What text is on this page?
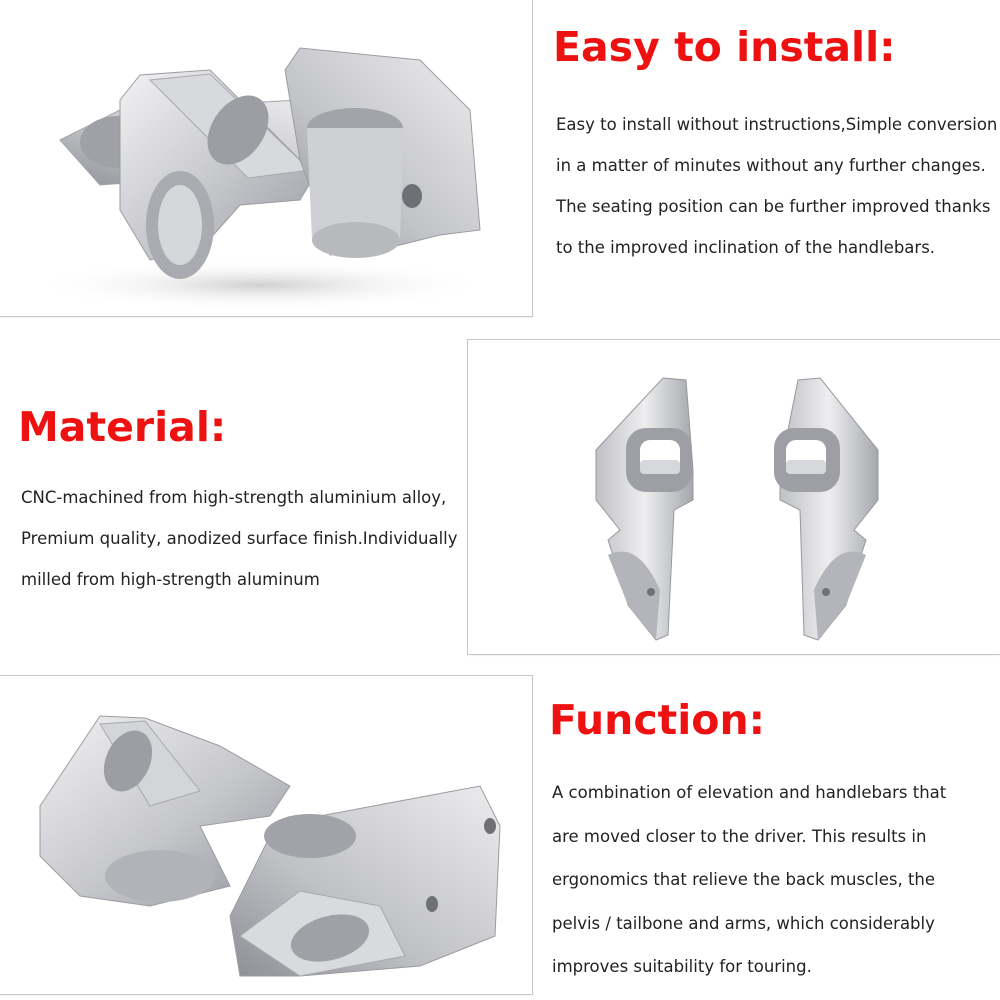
Easy to install:

Easy to install without instructions,Simple conversion
in a matter of minutes without any further changes.
The seating position can be further improved thanks
to the improved inclination of the handlebars.

Material:

CNC-machined from high-strength aluminium alloy,
Premium quality, anodized surface finish.Individually
milled from high-strength aluminum

Function:

A combination of elevation and handlebars that
are moved closer to the driver. This results in
ergonomics that relieve the back muscles, the
pelvis / tailbone and arms, which considerably
improves suitability for touring.
